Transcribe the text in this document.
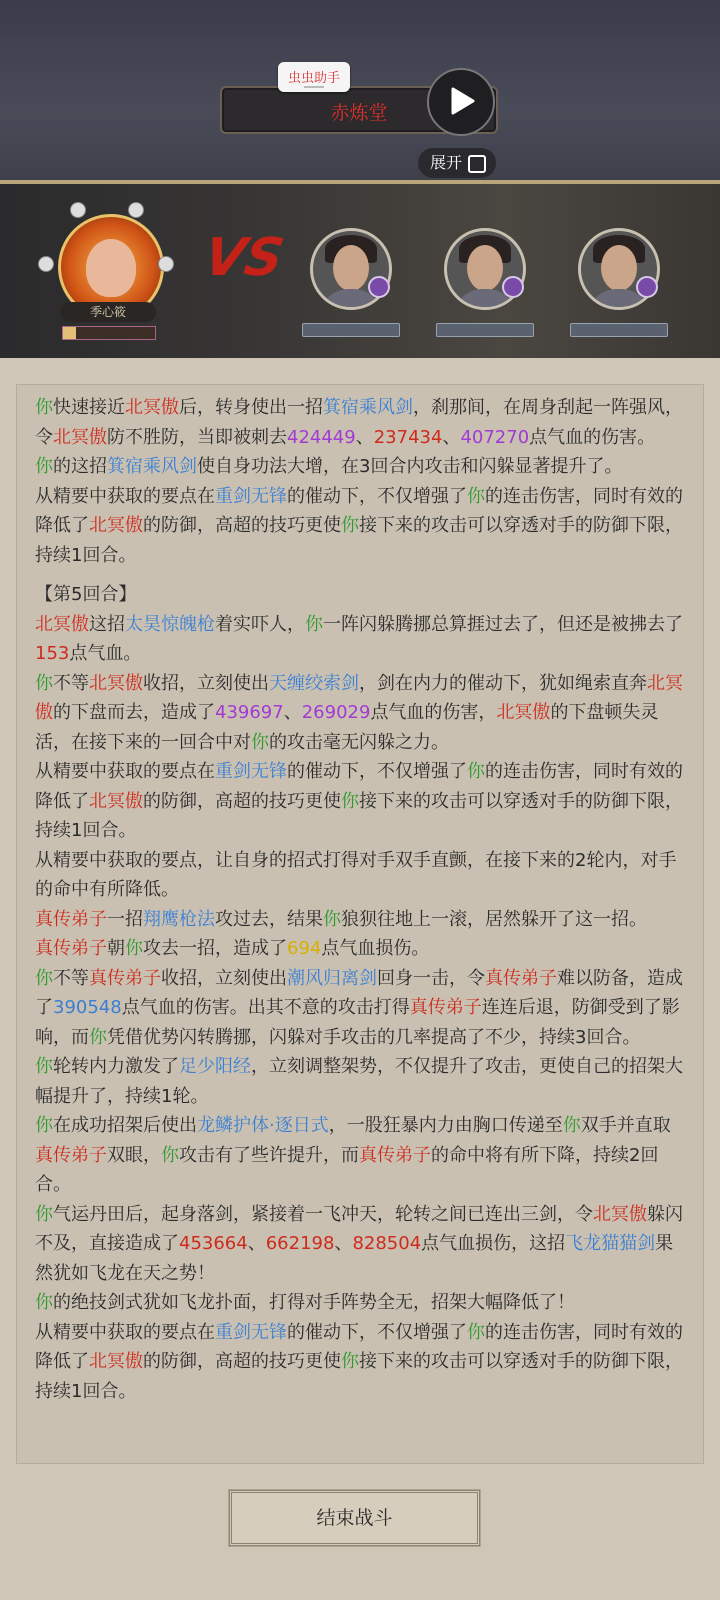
赤炼堂
虫虫助手
展开
季心筱
VS

你快速接近北冥傲后，转身使出一招箕宿乘风剑，刹那间，在周身刮起一阵强风，令北冥傲防不胜防，当即被刺去424449、237434、407270点气血的伤害。

你的这招箕宿乘风剑使自身功法大增，在3回合内攻击和闪躲显著提升了。

从精要中获取的要点在重剑无锋的催动下，不仅增强了你的连击伤害，同时有效的降低了北冥傲的防御，高超的技巧更使你接下来的攻击可以穿透对手的防御下限，持续1回合。

【第5回合】

北冥傲这招太昊惊魄枪着实吓人，你一阵闪躲腾挪总算捱过去了，但还是被拂去了153点气血。

你不等北冥傲收招，立刻使出天缠绞索剑，剑在内力的催动下，犹如绳索直奔北冥傲的下盘而去，造成了439697、269029点气血的伤害，北冥傲的下盘顿失灵活，在接下来的一回合中对你的攻击毫无闪躲之力。

从精要中获取的要点在重剑无锋的催动下，不仅增强了你的连击伤害，同时有效的降低了北冥傲的防御，高超的技巧更使你接下来的攻击可以穿透对手的防御下限，持续1回合。

从精要中获取的要点，让自身的招式打得对手双手直颤，在接下来的2轮内，对手的命中有所降低。

真传弟子一招翔鹰枪法攻过去，结果你狼狈往地上一滚，居然躲开了这一招。

真传弟子朝你攻去一招，造成了694点气血损伤。

你不等真传弟子收招，立刻使出潮风归离剑回身一击，令真传弟子难以防备，造成了390548点气血的伤害。出其不意的攻击打得真传弟子连连后退，防御受到了影响，而你凭借优势闪转腾挪，闪躲对手攻击的几率提高了不少，持续3回合。

你轮转内力激发了足少阳经，立刻调整架势，不仅提升了攻击，更使自己的招架大幅提升了，持续1轮。

你在成功招架后使出龙鳞护体·逐日式，一股狂暴内力由胸口传递至你双手并直取真传弟子双眼，你攻击有了些许提升，而真传弟子的命中将有所下降，持续2回合。

你气运丹田后，起身落剑，紧接着一飞冲天，轮转之间已连出三剑，令北冥傲躲闪不及，直接造成了453664、662198、828504点气血损伤，这招飞龙猫猫剑果然犹如飞龙在天之势！

你的绝技剑式犹如飞龙扑面，打得对手阵势全无，招架大幅降低了！

从精要中获取的要点在重剑无锋的催动下，不仅增强了你的连击伤害，同时有效的降低了北冥傲的防御，高超的技巧更使你接下来的攻击可以穿透对手的防御下限，持续1回合。

结束战斗
